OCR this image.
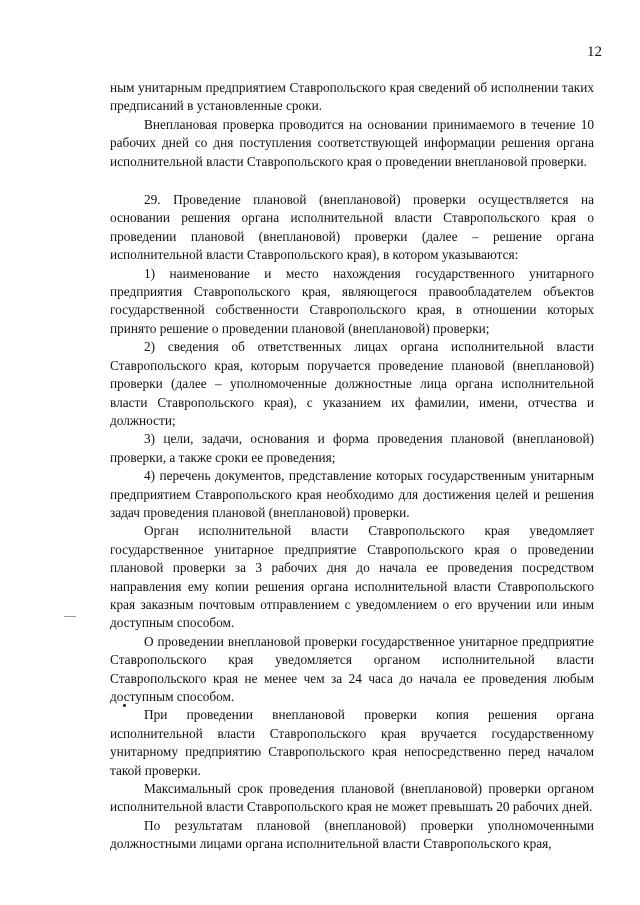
12

ным унитарным предприятием Ставропольского края сведений об исполнении таких предписаний в установленные сроки.

Внеплановая проверка проводится на основании принимаемого в течение 10 рабочих дней со дня поступления соответствующей информации решения органа исполнительной власти Ставропольского края о проведении внеплановой проверки.

29. Проведение плановой (внеплановой) проверки осуществляется на основании решения органа исполнительной власти Ставропольского края о проведении плановой (внеплановой) проверки (далее – решение органа исполнительной власти Ставропольского края), в котором указываются:

1) наименование и место нахождения государственного унитарного предприятия Ставропольского края, являющегося правообладателем объектов государственной собственности Ставропольского края, в отношении которых принято решение о проведении плановой (внеплановой) проверки;

2) сведения об ответственных лицах органа исполнительной власти Ставропольского края, которым поручается проведение плановой (внеплановой) проверки (далее – уполномоченные должностные лица органа исполнительной власти Ставропольского края), с указанием их фамилии, имени, отчества и должности;

3) цели, задачи, основания и форма проведения плановой (внеплановой) проверки, а также сроки ее проведения;

4) перечень документов, представление которых государственным унитарным предприятием Ставропольского края необходимо для достижения целей и решения задач проведения плановой (внеплановой) проверки.

Орган исполнительной власти Ставропольского края уведомляет государственное унитарное предприятие Ставропольского края о проведении плановой проверки за 3 рабочих дня до начала ее проведения посредством направления ему копии решения органа исполнительной власти Ставропольского края заказным почтовым отправлением с уведомлением о его вручении или иным доступным способом.

О проведении внеплановой проверки государственное унитарное предприятие Ставропольского края уведомляется органом исполнительной власти Ставропольского края не менее чем за 24 часа до начала ее проведения любым доступным способом.

При проведении внеплановой проверки копия решения органа исполнительной власти Ставропольского края вручается государственному унитарному предприятию Ставропольского края непосредственно перед началом такой проверки.

Максимальный срок проведения плановой (внеплановой) проверки органом исполнительной власти Ставропольского края не может превышать 20 рабочих дней.

По результатам плановой (внеплановой) проверки уполномоченными должностными лицами органа исполнительной власти Ставропольского края,
